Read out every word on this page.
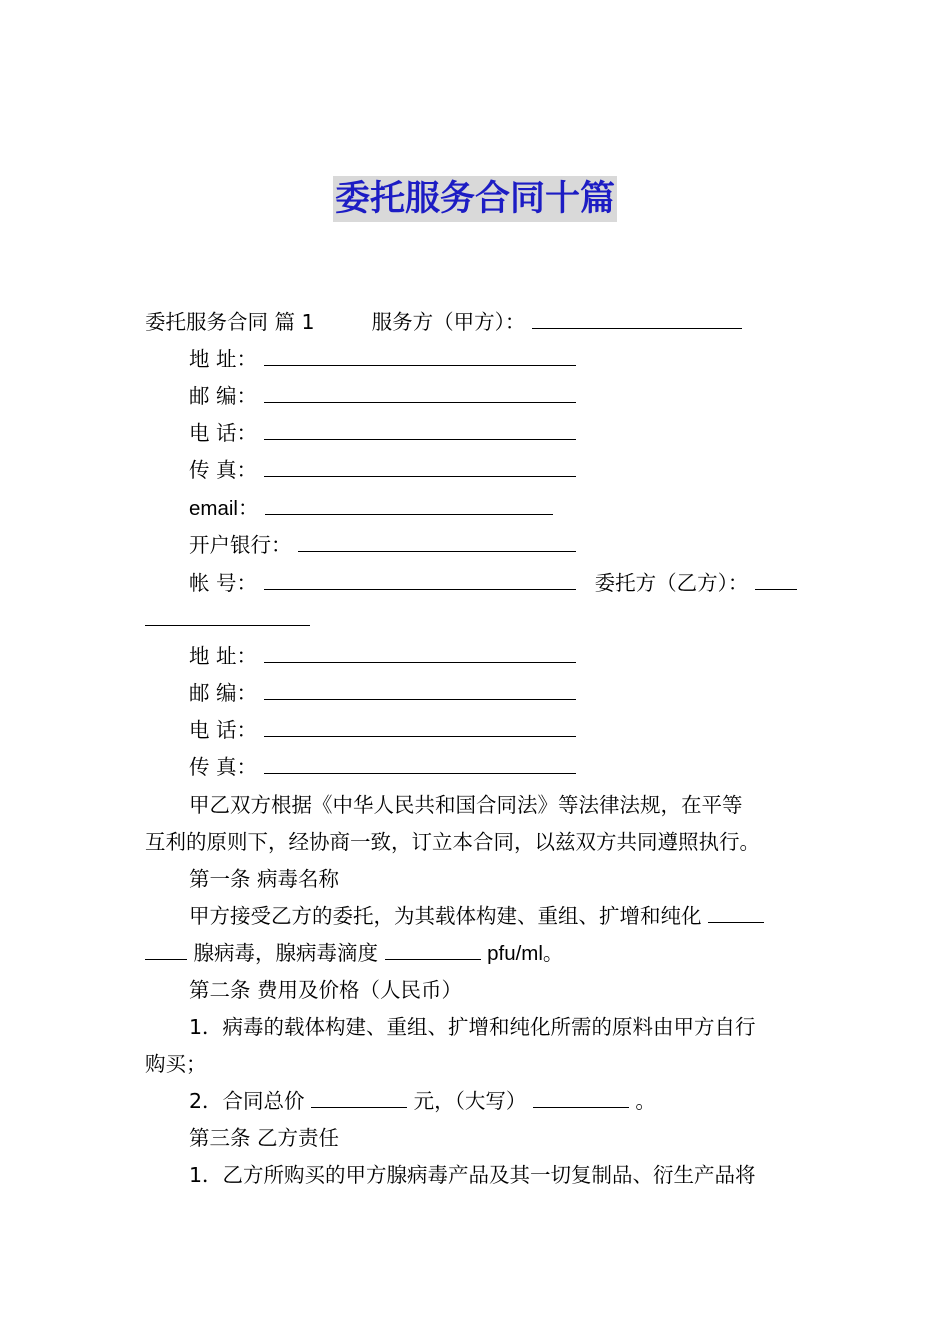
委托服务合同十篇
委托服务合同 篇 1	服务方（甲方）：
地 址：
邮 编：
电 话：
传 真：
email：
开户银行：
帐 号：	委托方（乙方）：
地 址：
邮 编：
电 话：
传 真：
甲乙双方根据《中华人民共和国合同法》等法律法规，在平等
互利的原则下，经协商一致，订立本合同，以兹双方共同遵照执行。
第一条 病毒名称
甲方接受乙方的委托，为其载体构建、重组、扩增和纯化
腺病毒，腺病毒滴度	pfu/ml。
第二条 费用及价格（人民币）
1．病毒的载体构建、重组、扩增和纯化所需的原料由甲方自行
购买；
2．合同总价	元，（大写）	。
第三条 乙方责任
1．乙方所购买的甲方腺病毒产品及其一切复制品、衍生产品将
